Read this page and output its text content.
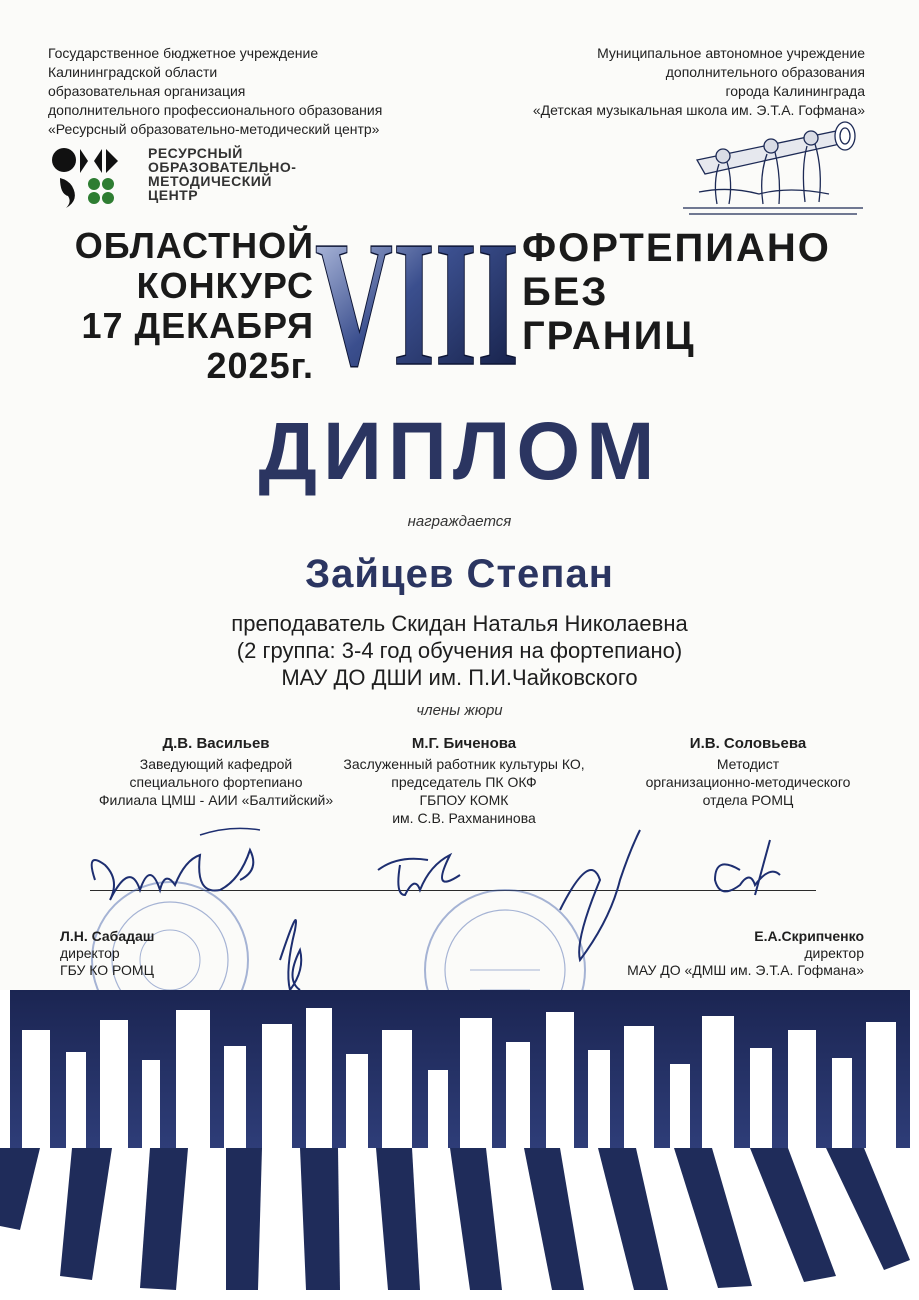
Государственное бюджетное учреждение
Калининградской области
образовательная организация
дополнительного профессионального образования
«Ресурсный образовательно-методический центр»
Муниципальное автономное учреждение
дополнительного образования
города Калининграда
«Детская музыкальная школа им. Э.Т.А. Гофмана»
РЕСУРСНЫЙ
ОБРАЗОВАТЕЛЬНО-
МЕТОДИЧЕСКИЙ
ЦЕНТР
ОБЛАСТНОЙ
КОНКУРС
17 ДЕКАБРЯ
2025г. VIII ФОРТЕПИАНО
БЕЗ
ГРАНИЦ
ДИПЛОМ
награждается
Зайцев Степан
преподаватель Скидан Наталья Николаевна
(2 группа: 3-4 год обучения на фортепиано)
МАУ ДО ДШИ им. П.И.Чайковского
члены жюри
Д.В. Васильев
Заведующий кафедрой
специального фортепиано
Филиала ЦМШ - АИИ «Балтийский»
М.Г. Биченова
Заслуженный работник культуры КО,
председатель ПК ОКФ
ГБПОУ КОМК
им. С.В. Рахманинова
И.В. Соловьева
Методист
организационно-методического
отдела РОМЦ
Л.Н. Сабадаш
директор
ГБУ КО РОМЦ
Е.А.Скрипченко
директор
МАУ ДО «ДМШ им. Э.Т.А. Гофмана»
